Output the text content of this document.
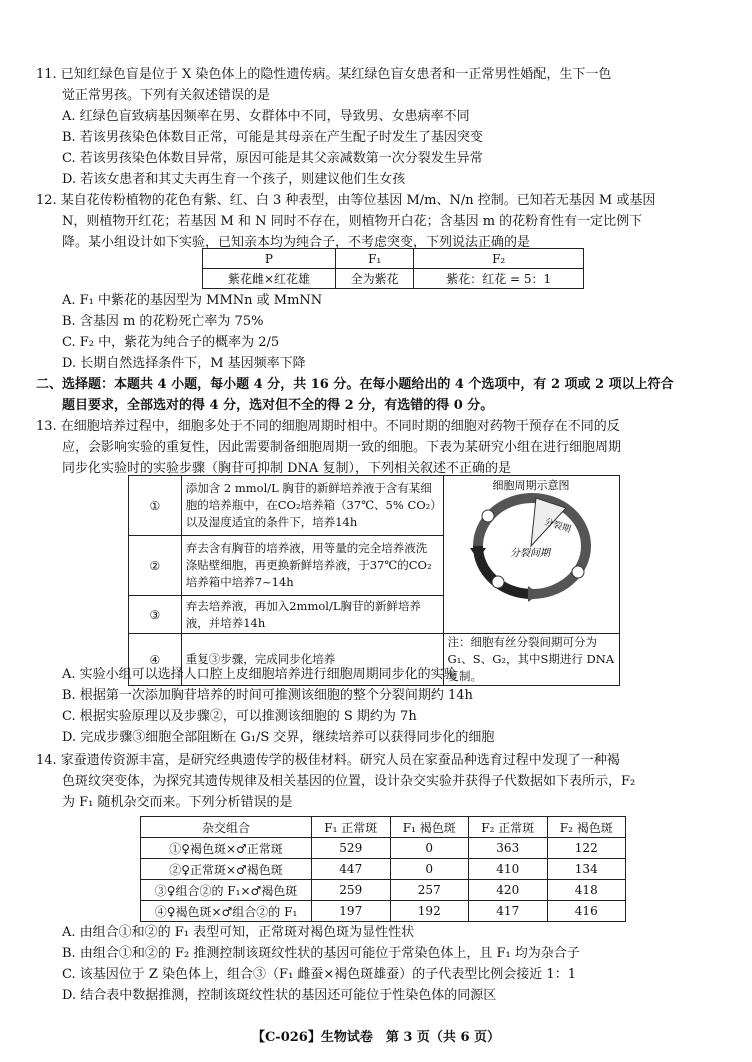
11. 已知红绿色盲是位于 X 染色体上的隐性遗传病。某红绿色盲女患者和一正常男性婚配，生下一色
觉正常男孩。下列有关叙述错误的是
A. 红绿色盲致病基因频率在男、女群体中不同，导致男、女患病率不同
B. 若该男孩染色体数目正常，可能是其母亲在产生配子时发生了基因突变
C. 若该男孩染色体数目异常，原因可能是其父亲减数第一次分裂发生异常
D. 若该女患者和其丈夫再生育一个孩子，则建议他们生女孩
12. 某自花传粉植物的花色有紫、红、白 3 种表型，由等位基因 M/m、N/n 控制。已知若无基因 M 或基因
N，则植物开红花；若基因 M 和 N 同时不存在，则植物开白花；含基因 m 的花粉育性有一定比例下
降。某小组设计如下实验，已知亲本均为纯合子，不考虑突变，下列说法正确的是
P	F₁	F₂
紫花雌×红花雄	全为紫花	紫花：红花 = 5：1
A. F₁ 中紫花的基因型为 MMNn 或 MmNN
B. 含基因 m 的花粉死亡率为 75%
C. F₂ 中，紫花为纯合子的概率为 2/5
D. 长期自然选择条件下，M 基因频率下降
二、选择题：本题共 4 小题，每小题 4 分，共 16 分。在每小题给出的 4 个选项中，有 2 项或 2 项以上符合
题目要求，全部选对的得 4 分，选对但不全的得 2 分，有选错的得 0 分。
13. 在细胞培养过程中，细胞多处于不同的细胞周期时相中。不同时期的细胞对药物干预存在不同的反
应，会影响实验的重复性，因此需要制备细胞周期一致的细胞。下表为某研究小组在进行细胞周期
同步化实验时的实验步骤（胸苷可抑制 DNA 复制），下列相关叙述不正确的是
①	添加含 2 mmol/L 胸苷的新鲜培养液于含有某细胞的培养瓶中，在CO₂培养箱（37℃、5% CO₂）以及湿度适宜的条件下，培养14h	细胞周期示意图
分裂期
分裂间期

②	弃去含有胸苷的培养液，用等量的完全培养液洗涤贴壁细胞，再更换新鲜培养液，于37℃的CO₂培养箱中培养7~14h	
③	弃去培养液，再加入2mmol/L胸苷的新鲜培养液，并培养14h	
④	重复③步骤，完成同步化培养	注：细胞有丝分裂间期可分为 G₁、S、G₂，其中S期进行 DNA 复制。
A. 实验小组可以选择人口腔上皮细胞培养进行细胞周期同步化的实验
B. 根据第一次添加胸苷培养的时间可推测该细胞的整个分裂间期约 14h
C. 根据实验原理以及步骤②，可以推测该细胞的 S 期约为 7h
D. 完成步骤③细胞全部阻断在 G₁/S 交界，继续培养可以获得同步化的细胞
14. 家蚕遗传资源丰富，是研究经典遗传学的极佳材料。研究人员在家蚕品种选育过程中发现了一种褐
色斑纹突变体，为探究其遗传规律及相关基因的位置，设计杂交实验并获得子代数据如下表所示，F₂
为 F₁ 随机杂交而来。下列分析错误的是
杂交组合	F₁ 正常斑	F₁ 褐色斑	F₂ 正常斑	F₂ 褐色斑
①♀褐色斑×♂正常斑	529	0	363	122
②♀正常斑×♂褐色斑	447	0	410	134
③♀组合②的 F₁×♂褐色斑	259	257	420	418
④♀褐色斑×♂组合②的 F₁	197	192	417	416
A. 由组合①和②的 F₁ 表型可知，正常斑对褐色斑为显性性状
B. 由组合①和②的 F₂ 推测控制该斑纹性状的基因可能位于常染色体上，且 F₁ 均为杂合子
C. 该基因位于 Z 染色体上，组合③（F₁ 雌蚕×褐色斑雄蚕）的子代表型比例会接近 1：1
D. 结合表中数据推测，控制该斑纹性状的基因还可能位于性染色体的同源区
【C-026】生物试卷　第 3 页（共 6 页）
